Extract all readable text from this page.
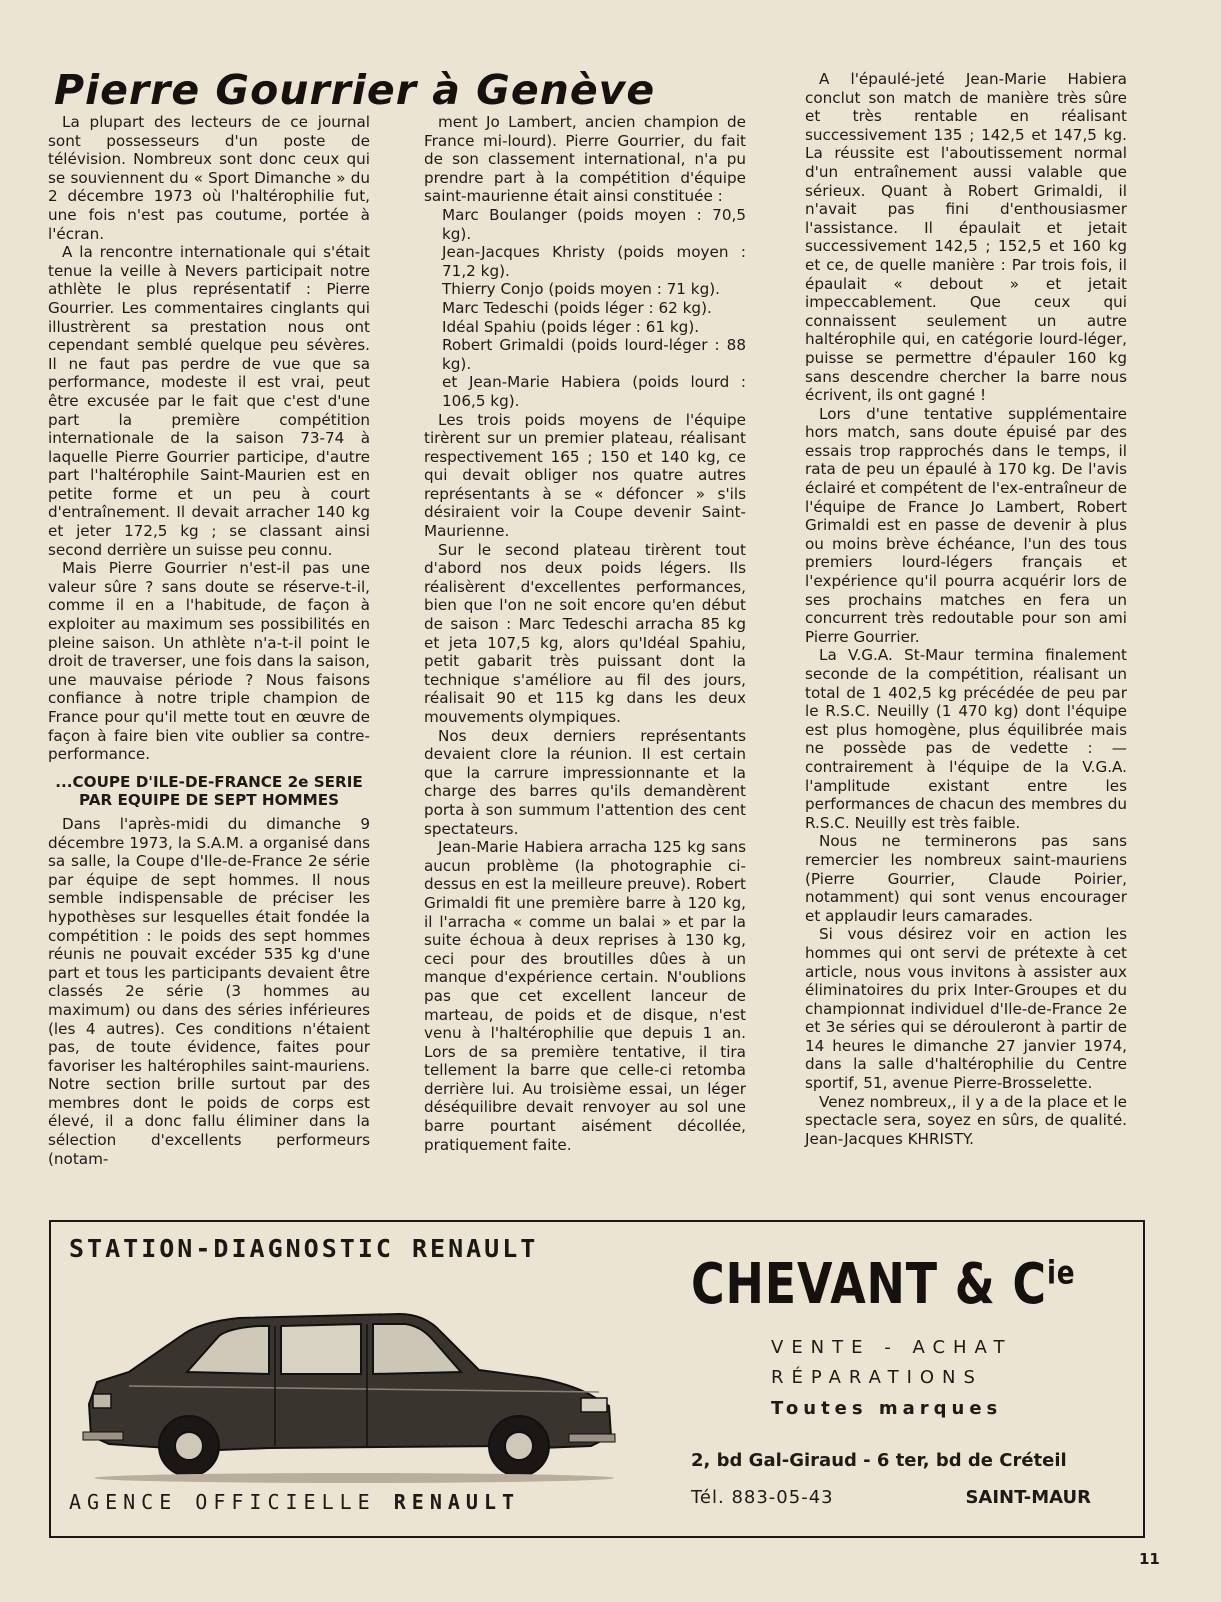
Pierre Gourrier à Genève

La plupart des lecteurs de ce journal sont possesseurs d'un poste de télévision. Nombreux sont donc ceux qui se souviennent du « Sport Dimanche » du 2 décembre 1973 où l'haltérophilie fut, une fois n'est pas coutume, portée à l'écran.

A la rencontre internationale qui s'était tenue la veille à Nevers participait notre athlète le plus représentatif : Pierre Gourrier. Les commentaires cinglants qui illustrèrent sa prestation nous ont cependant semblé quelque peu sévères. Il ne faut pas perdre de vue que sa performance, modeste il est vrai, peut être excusée par le fait que c'est d'une part la première compétition internationale de la saison 73-74 à laquelle Pierre Gourrier participe, d'autre part l'haltérophile Saint-Maurien est en petite forme et un peu à court d'entraînement. Il devait arracher 140 kg et jeter 172,5 kg ; se classant ainsi second derrière un suisse peu connu.

Mais Pierre Gourrier n'est-il pas une valeur sûre ? sans doute se réserve-t-il, comme il en a l'habitude, de façon à exploiter au maximum ses possibilités en pleine saison. Un athlète n'a-t-il point le droit de traverser, une fois dans la saison, une mauvaise période ? Nous faisons confiance à notre triple champion de France pour qu'il mette tout en œuvre de façon à faire bien vite oublier sa contre-performance.

...COUPE D'ILE-DE-FRANCE 2e SERIE PAR EQUIPE DE SEPT HOMMES

Dans l'après-midi du dimanche 9 décembre 1973, la S.A.M. a organisé dans sa salle, la Coupe d'Ile-de-France 2e série par équipe de sept hommes. Il nous semble indispensable de préciser les hypothèses sur lesquelles était fondée la compétition : le poids des sept hommes réunis ne pouvait excéder 535 kg d'une part et tous les participants devaient être classés 2e série (3 hommes au maximum) ou dans des séries inférieures (les 4 autres). Ces conditions n'étaient pas, de toute évidence, faites pour favoriser les haltérophiles saint-mauriens. Notre section brille surtout par des membres dont le poids de corps est élevé, il a donc fallu éliminer dans la sélection d'excellents performeurs (notam-

ment Jo Lambert, ancien champion de France mi-lourd). Pierre Gourrier, du fait de son classement international, n'a pu prendre part à la compétition d'équipe saint-maurienne était ainsi constituée :

Marc Boulanger (poids moyen : 70,5 kg).

Jean-Jacques Khristy (poids moyen : 71,2 kg).

Thierry Conjo (poids moyen : 71 kg).

Marc Tedeschi (poids léger : 62 kg).

Idéal Spahiu (poids léger : 61 kg).

Robert Grimaldi (poids lourd-léger : 88 kg).

et Jean-Marie Habiera (poids lourd : 106,5 kg).

Les trois poids moyens de l'équipe tirèrent sur un premier plateau, réalisant respectivement 165 ; 150 et 140 kg, ce qui devait obliger nos quatre autres représentants à se « défoncer » s'ils désiraient voir la Coupe devenir Saint-Maurienne.

Sur le second plateau tirèrent tout d'abord nos deux poids légers. Ils réalisèrent d'excellentes performances, bien que l'on ne soit encore qu'en début de saison : Marc Tedeschi arracha 85 kg et jeta 107,5 kg, alors qu'Idéal Spahiu, petit gabarit très puissant dont la technique s'améliore au fil des jours, réalisait 90 et 115 kg dans les deux mouvements olympiques.

Nos deux derniers représentants devaient clore la réunion. Il est certain que la carrure impressionnante et la charge des barres qu'ils demandèrent porta à son summum l'attention des cent spectateurs.

Jean-Marie Habiera arracha 125 kg sans aucun problème (la photographie ci-dessus en est la meilleure preuve). Robert Grimaldi fit une première barre à 120 kg, il l'arracha « comme un balai » et par la suite échoua à deux reprises à 130 kg, ceci pour des broutilles dûes à un manque d'expérience certain. N'oublions pas que cet excellent lanceur de marteau, de poids et de disque, n'est venu à l'haltérophilie que depuis 1 an. Lors de sa première tentative, il tira tellement la barre que celle-ci retomba derrière lui. Au troisième essai, un léger déséquilibre devait renvoyer au sol une barre pourtant aisément décollée, pratiquement faite.

A l'épaulé-jeté Jean-Marie Habiera conclut son match de manière très sûre et très rentable en réalisant successivement 135 ; 142,5 et 147,5 kg. La réussite est l'aboutissement normal d'un entraînement aussi valable que sérieux. Quant à Robert Grimaldi, il n'avait pas fini d'enthousiasmer l'assistance. Il épaulait et jetait successivement 142,5 ; 152,5 et 160 kg et ce, de quelle manière : Par trois fois, il épaulait « debout » et jetait impeccablement. Que ceux qui connaissent seulement un autre haltérophile qui, en catégorie lourd-léger, puisse se permettre d'épauler 160 kg sans descendre chercher la barre nous écrivent, ils ont gagné !

Lors d'une tentative supplémentaire hors match, sans doute épuisé par des essais trop rapprochés dans le temps, il rata de peu un épaulé à 170 kg. De l'avis éclairé et compétent de l'ex-entraîneur de l'équipe de France Jo Lambert, Robert Grimaldi est en passe de devenir à plus ou moins brève échéance, l'un des tous premiers lourd-légers français et l'expérience qu'il pourra acquérir lors de ses prochains matches en fera un concurrent très redoutable pour son ami Pierre Gourrier.

La V.G.A. St-Maur termina finalement seconde de la compétition, réalisant un total de 1 402,5 kg précédée de peu par le R.S.C. Neuilly (1 470 kg) dont l'équipe est plus homogène, plus équilibrée mais ne possède pas de vedette : — contrairement à l'équipe de la V.G.A. l'amplitude existant entre les performances de chacun des membres du R.S.C. Neuilly est très faible.

Nous ne terminerons pas sans remercier les nombreux saint-mauriens (Pierre Gourrier, Claude Poirier, notamment) qui sont venus encourager et applaudir leurs camarades.

Si vous désirez voir en action les hommes qui ont servi de prétexte à cet article, nous vous invitons à assister aux éliminatoires du prix Inter-Groupes et du championnat individuel d'Ile-de-France 2e et 3e séries qui se dérouleront à partir de 14 heures le dimanche 27 janvier 1974, dans la salle d'haltérophilie du Centre sportif, 51, avenue Pierre-Brosselette.

Venez nombreux,, il y a de la place et le spectacle sera, soyez en sûrs, de qualité. Jean-Jacques KHRISTY.

STATION-DIAGNOSTIC RENAULT

AGENCE OFFICIELLE RENAULT

CHEVANT & $C^{ie}$

VENTE - ACHAT

RÉPARATIONS

Toutes marques

2, bd Gal-Giraud - 6 ter, bd de Créteil

Tél. 883-05-43	SAINT-MAUR

11
